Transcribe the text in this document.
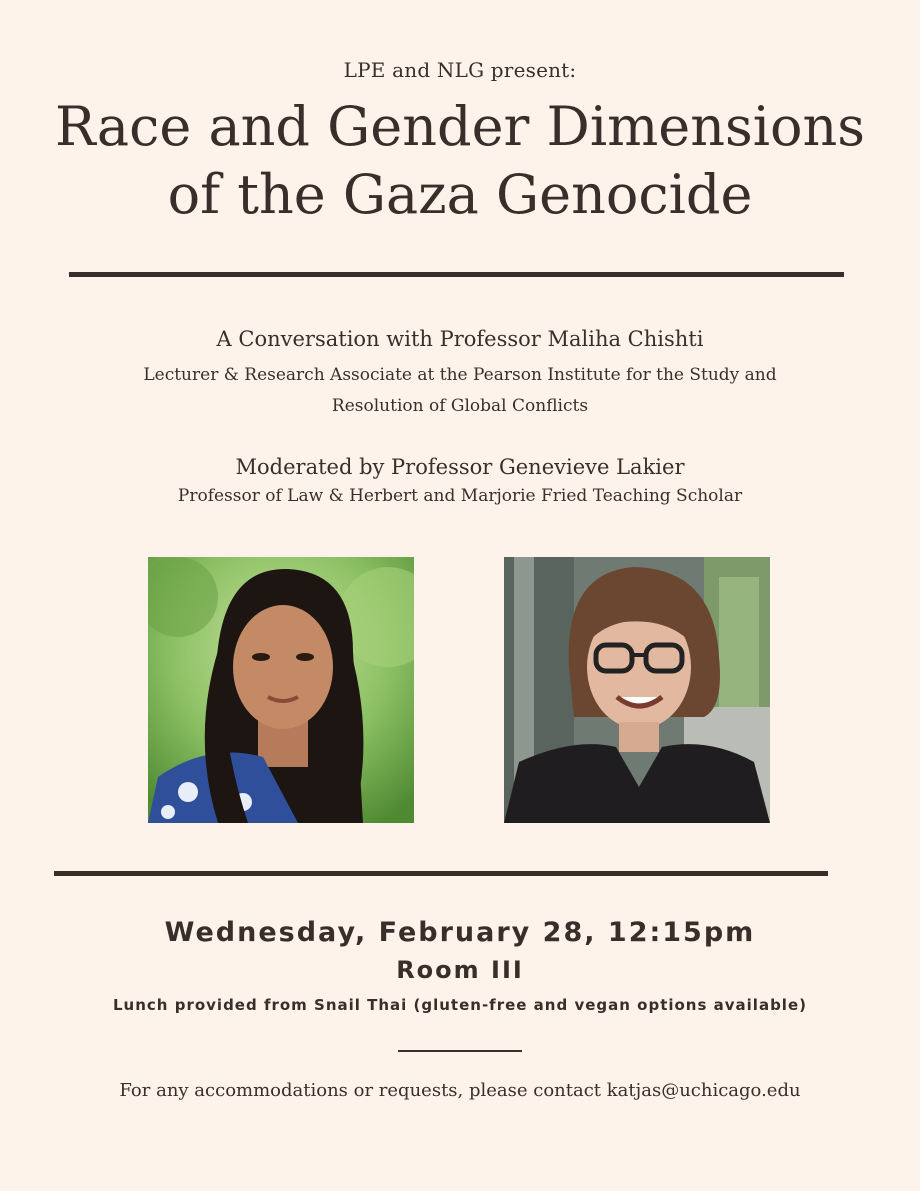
LPE and NLG present:
Race and Gender Dimensions
of the Gaza Genocide
A Conversation with Professor Maliha Chishti
Lecturer & Research Associate at the Pearson Institute for the Study and
Resolution of Global Conflicts
Moderated by Professor Genevieve Lakier
Professor of Law & Herbert and Marjorie Fried Teaching Scholar
Wednesday, February 28, 12:15pm
Room III
Lunch provided from Snail Thai (gluten-free and vegan options available)
For any accommodations or requests, please contact katjas@uchicago.edu
